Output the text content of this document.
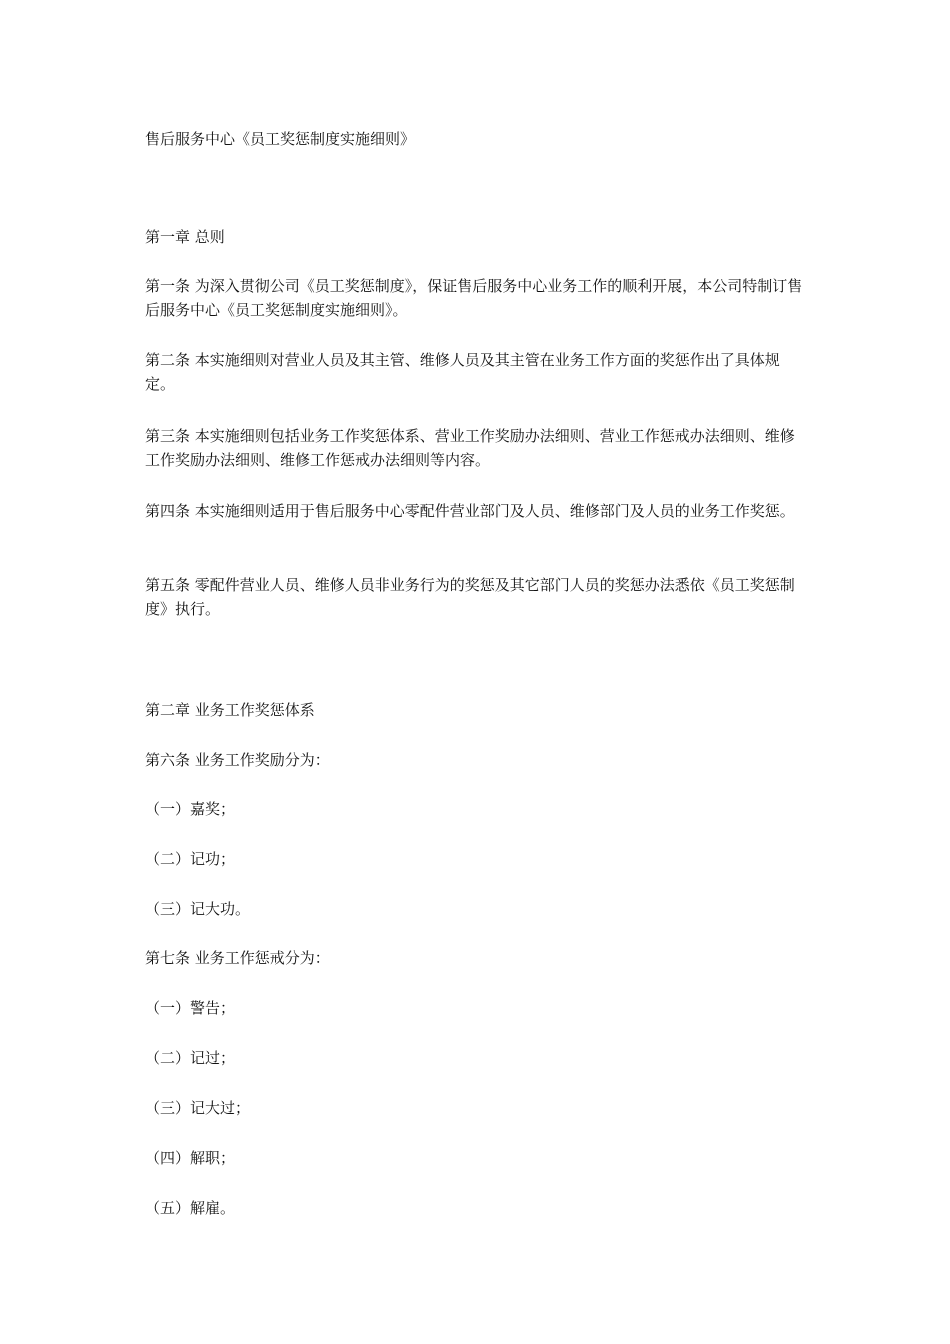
售后服务中心《员工奖惩制度实施细则》

第一章 总则

第一条 为深入贯彻公司《员工奖惩制度》，保证售后服务中心业务工作的顺利开展，本公司特制订售后服务中心《员工奖惩制度实施细则》。

第二条 本实施细则对营业人员及其主管、维修人员及其主管在业务工作方面的奖惩作出了具体规定。

第三条 本实施细则包括业务工作奖惩体系、营业工作奖励办法细则、营业工作惩戒办法细则、维修工作奖励办法细则、维修工作惩戒办法细则等内容。

第四条 本实施细则适用于售后服务中心零配件营业部门及人员、维修部门及人员的业务工作奖惩。

第五条 零配件营业人员、维修人员非业务行为的奖惩及其它部门人员的奖惩办法悉依《员工奖惩制度》执行。

第二章 业务工作奖惩体系

第六条 业务工作奖励分为：

（一）嘉奖；

（二）记功；

（三）记大功。

第七条 业务工作惩戒分为：

（一）警告；

（二）记过；

（三）记大过；

（四）解职；

（五）解雇。
